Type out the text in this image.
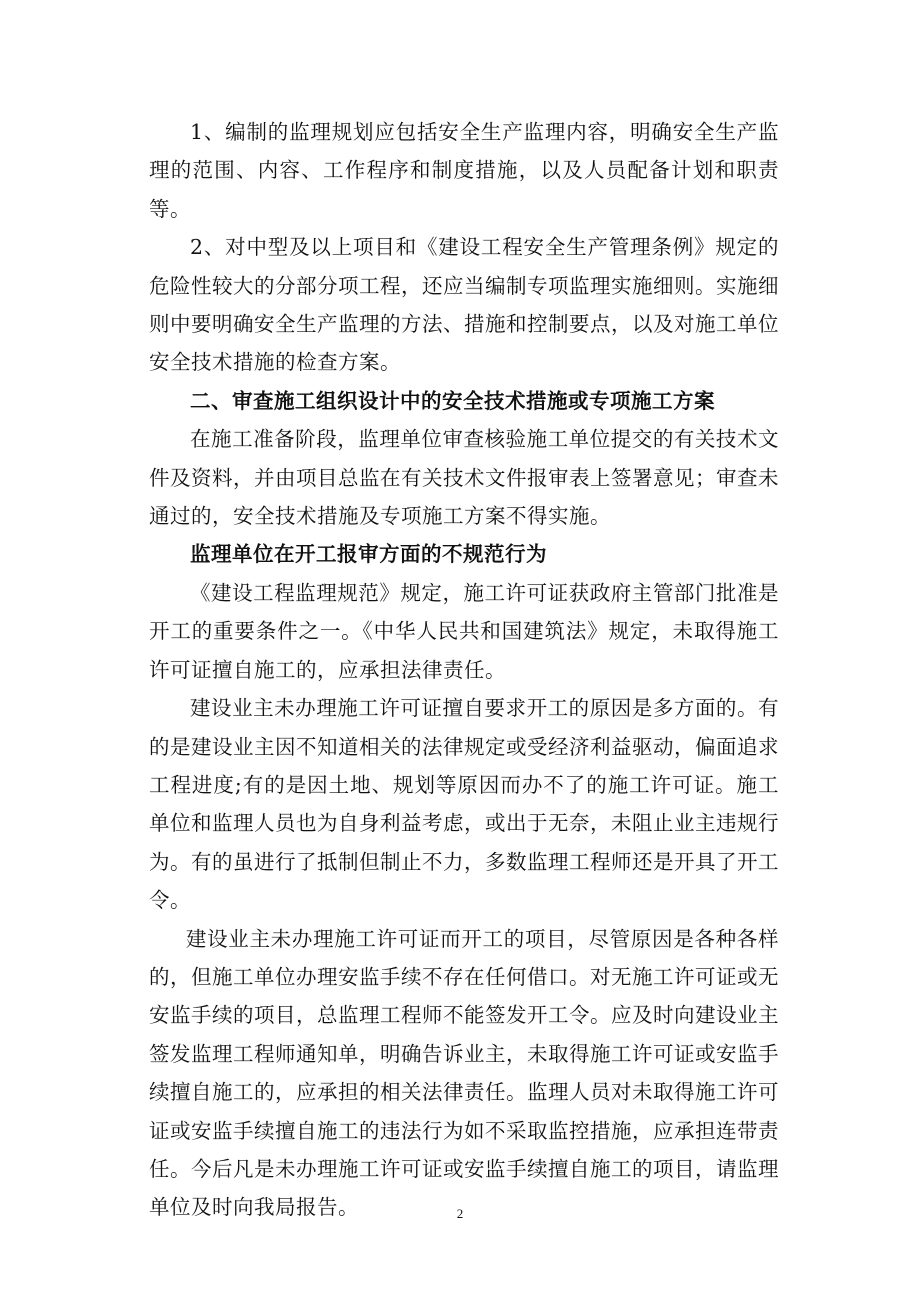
1、编制的监理规划应包括安全生产监理内容，明确安全生产监理的范围、内容、工作程序和制度措施，以及人员配备计划和职责等。

2、对中型及以上项目和《建设工程安全生产管理条例》规定的危险性较大的分部分项工程，还应当编制专项监理实施细则。实施细则中要明确安全生产监理的方法、措施和控制要点，以及对施工单位安全技术措施的检查方案。

二、审查施工组织设计中的安全技术措施或专项施工方案

在施工准备阶段，监理单位审查核验施工单位提交的有关技术文件及资料，并由项目总监在有关技术文件报审表上签署意见；审查未通过的，安全技术措施及专项施工方案不得实施。

监理单位在开工报审方面的不规范行为

《建设工程监理规范》规定，施工许可证获政府主管部门批准是开工的重要条件之一。《中华人民共和国建筑法》规定，未取得施工许可证擅自施工的，应承担法律责任。

建设业主未办理施工许可证擅自要求开工的原因是多方面的。有的是建设业主因不知道相关的法律规定或受经济利益驱动，偏面追求工程进度;有的是因土地、规划等原因而办不了的施工许可证。施工单位和监理人员也为自身利益考虑，或出于无奈，未阻止业主违规行为。有的虽进行了抵制但制止不力，多数监理工程师还是开具了开工令。

建设业主未办理施工许可证而开工的项目，尽管原因是各种各样的，但施工单位办理安监手续不存在任何借口。对无施工许可证或无安监手续的项目，总监理工程师不能签发开工令。应及时向建设业主签发监理工程师通知单，明确告诉业主，未取得施工许可证或安监手续擅自施工的，应承担的相关法律责任。监理人员对未取得施工许可证或安监手续擅自施工的违法行为如不采取监控措施，应承担连带责任。今后凡是未办理施工许可证或安监手续擅自施工的项目，请监理单位及时向我局报告。	2
